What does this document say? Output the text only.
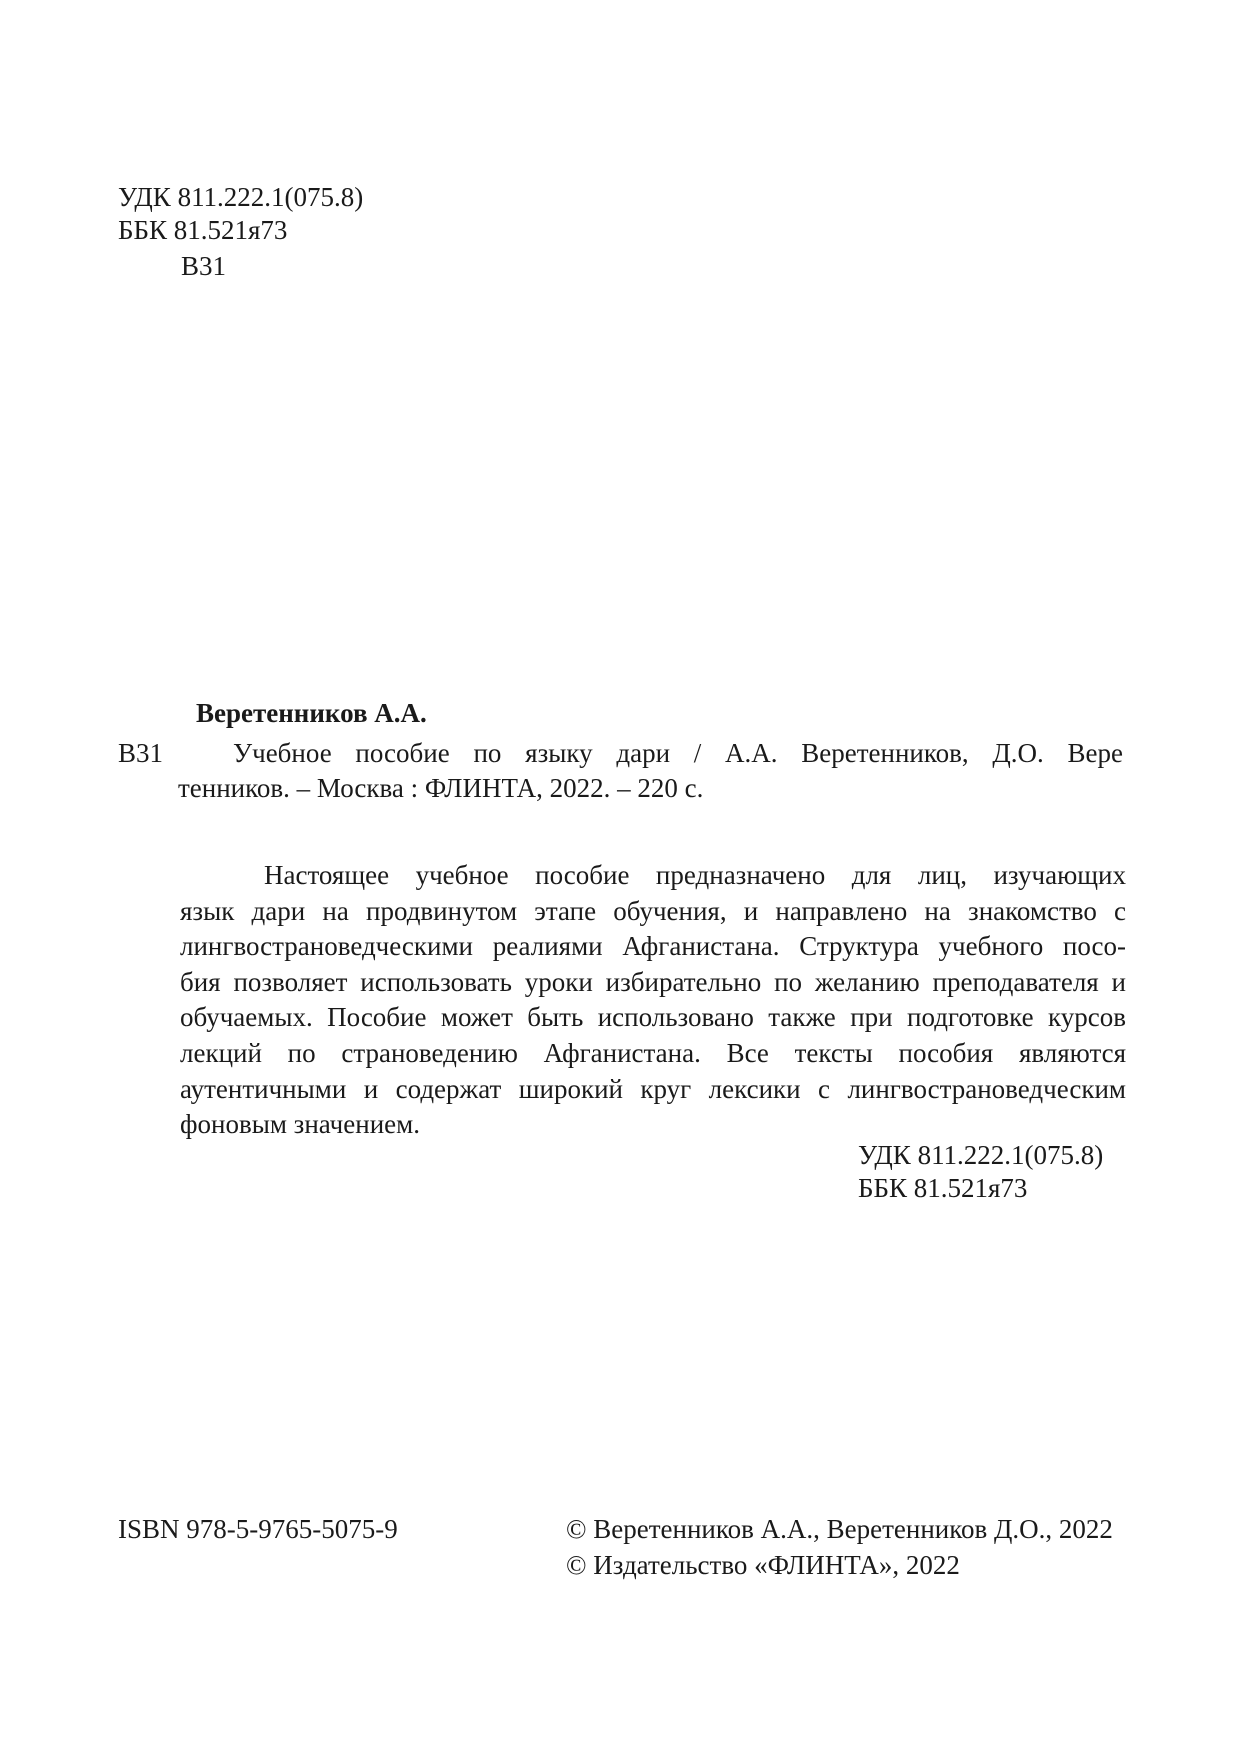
УДК 811.222.1(075.8)
ББК 81.521я73
В31
Веретенников А.А.
В31	Учебное пособие по языку дари / А.А. Веретенников, Д.О. Вере
тенников. – Москва : ФЛИНТА, 2022. – 220 с.
Настоящее учебное пособие предназначено для лиц, изучающих
язык дари на продвинутом этапе обучения, и направлено на знакомство с
лингвострановедческими реалиями Афганистана. Структура учебного посо-
бия позволяет использовать уроки избирательно по желанию преподавателя и
обучаемых. Пособие может быть использовано также при подготовке курсов
лекций по страноведению Афганистана. Все тексты пособия являются
аутентичными и содержат широкий круг лексики с лингвострановедческим
фоновым значением.
УДК 811.222.1(075.8)
ББК 81.521я73
ISBN 978-5-9765-5075-9	© Веретенников А.А., Веретенников Д.О., 2022
© Издательство «ФЛИНТА», 2022
